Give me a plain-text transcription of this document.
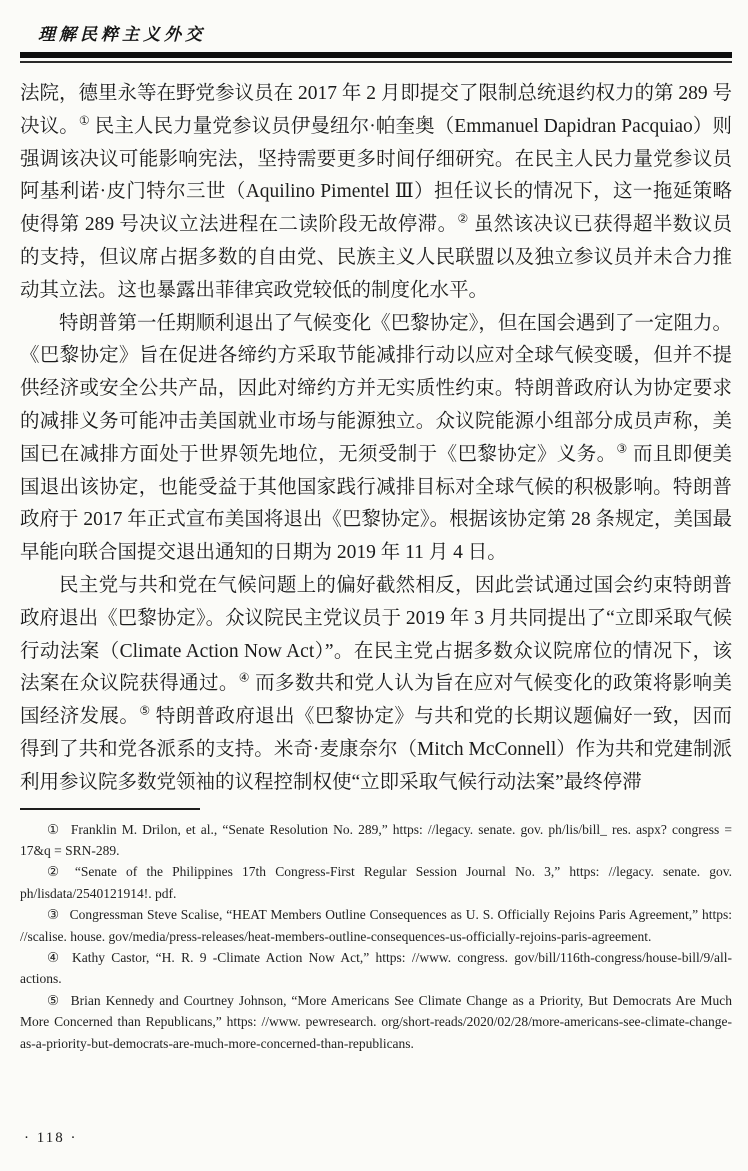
理解民粹主义外交

法院，德里永等在野党参议员在 2017 年 2 月即提交了限制总统退约权力的第 289 号决议。① 民主人民力量党参议员伊曼纽尔·帕奎奥（Emmanuel Dapidran Pacquiao）则强调该决议可能影响宪法，坚持需要更多时间仔细研究。在民主人民力量党参议员阿基利诺·皮门特尔三世（Aquilino Pimentel Ⅲ）担任议长的情况下，这一拖延策略使得第 289 号决议立法进程在二读阶段无故停滞。② 虽然该决议已获得超半数议员的支持，但议席占据多数的自由党、民族主义人民联盟以及独立参议员并未合力推动其立法。这也暴露出菲律宾政党较低的制度化水平。

特朗普第一任期顺利退出了气候变化《巴黎协定》，但在国会遇到了一定阻力。《巴黎协定》旨在促进各缔约方采取节能减排行动以应对全球气候变暖，但并不提供经济或安全公共产品，因此对缔约方并无实质性约束。特朗普政府认为协定要求的减排义务可能冲击美国就业市场与能源独立。众议院能源小组部分成员声称，美国已在减排方面处于世界领先地位，无须受制于《巴黎协定》义务。③ 而且即便美国退出该协定，也能受益于其他国家践行减排目标对全球气候的积极影响。特朗普政府于 2017 年正式宣布美国将退出《巴黎协定》。根据该协定第 28 条规定，美国最早能向联合国提交退出通知的日期为 2019 年 11 月 4 日。

民主党与共和党在气候问题上的偏好截然相反，因此尝试通过国会约束特朗普政府退出《巴黎协定》。众议院民主党议员于 2019 年 3 月共同提出了“立即采取气候行动法案（Climate Action Now Act）”。在民主党占据多数众议院席位的情况下，该法案在众议院获得通过。④ 而多数共和党人认为旨在应对气候变化的政策将影响美国经济发展。⑤ 特朗普政府退出《巴黎协定》与共和党的长期议题偏好一致，因而得到了共和党各派系的支持。米奇·麦康奈尔（Mitch McConnell）作为共和党建制派利用参议院多数党领袖的议程控制权使“立即采取气候行动法案”最终停滞

① Franklin M. Drilon, et al., “Senate Resolution No. 289,” https: //legacy. senate. gov. ph/lis/bill_ res. aspx? congress = 17&q = SRN-289.

② “Senate of the Philippines 17th Congress-First Regular Session Journal No. 3,” https: //legacy. senate. gov. ph/lisdata/2540121914!. pdf.

③ Congressman Steve Scalise, “HEAT Members Outline Consequences as U. S. Officially Rejoins Paris Agreement,” https: //scalise. house. gov/media/press-releases/heat-members-outline-consequences-us-officially-rejoins-paris-agreement.

④ Kathy Castor, “H. R. 9 -Climate Action Now Act,” https: //www. congress. gov/bill/116th-congress/house-bill/9/all-actions.

⑤ Brian Kennedy and Courtney Johnson, “More Americans See Climate Change as a Priority, But Democrats Are Much More Concerned than Republicans,” https: //www. pewresearch. org/short-reads/2020/02/28/more-americans-see-climate-change-as-a-priority-but-democrats-are-much-more-concerned-than-republicans.

· 118 ·
